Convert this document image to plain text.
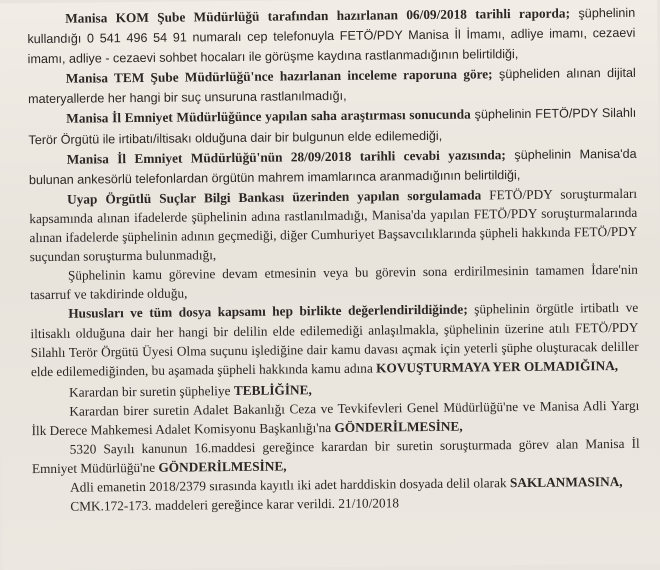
Manisa KOM Şube Müdürlüğü tarafından hazırlanan 06/09/2018 tarihli raporda; şüphelinin kullandığı 0 541 496 54 91 numaralı cep telefonuyla FETÖ/PDY Manisa İl İmamı, adliye imamı, cezaevi imamı, adliye - cezaevi sohbet hocaları ile görüşme kaydına rastlanmadığının belirtildiği,

Manisa TEM Şube Müdürlüğü'nce hazırlanan inceleme raporuna göre; şüpheliden alınan dijital materyallerde her hangi bir suç unsuruna rastlanılmadığı,

Manisa İl Emniyet Müdürlüğünce yapılan saha araştırması sonucunda şüphelinin FETÖ/PDY Silahlı Terör Örgütü ile irtibatı/iltisakı olduğuna dair bir bulgunun elde edilemediği,

Manisa İl Emniyet Müdürlüğü'nün 28/09/2018 tarihli cevabi yazısında; şüphelinin Manisa'da bulunan ankesörlü telefonlardan örgütün mahrem imamlarınca aranmadığının belirtildiği,

Uyap Örgütlü Suçlar Bilgi Bankası üzerinden yapılan sorgulamada FETÖ/PDY soruşturmaları kapsamında alınan ifadelerde şüphelinin adına rastlanılmadığı, Manisa'da yapılan FETÖ/PDY soruşturmalarında alınan ifadelerde şüphelinin adının geçmediği, diğer Cumhuriyet Başsavcılıklarında şüpheli hakkında FETÖ/PDY suçundan soruşturma bulunmadığı,

Şüphelinin kamu görevine devam etmesinin veya bu görevin sona erdirilmesinin tamamen İdare'nin tasarruf ve takdirinde olduğu,

Hususları ve tüm dosya kapsamı hep birlikte değerlendirildiğinde; şüphelinin örgütle irtibatlı ve iltisaklı olduğuna dair her hangi bir delilin elde edilemediği anlaşılmakla, şüphelinin üzerine atılı FETÖ/PDY Silahlı Terör Örgütü Üyesi Olma suçunu işlediğine dair kamu davası açmak için yeterli şüphe oluşturacak deliller elde edilemediğinden, bu aşamada şüpheli hakkında kamu adına KOVUŞTURMAYA YER OLMADIĞINA,

Karardan bir suretin şüpheliye TEBLİĞİNE,

Karardan birer suretin Adalet Bakanlığı Ceza ve Tevkifevleri Genel Müdürlüğü'ne ve Manisa Adli Yargı İlk Derece Mahkemesi Adalet Komisyonu Başkanlığı'na GÖNDERİLMESİNE,

5320 Sayılı kanunun 16.maddesi gereğince karardan bir suretin soruşturmada görev alan Manisa İl Emniyet Müdürlüğü'ne GÖNDERİLMESİNE,

Adli emanetin 2018/2379 sırasında kayıtlı iki adet harddiskin dosyada delil olarak SAKLANMASINA,

CMK.172-173. maddeleri gereğince karar verildi. 21/10/2018
